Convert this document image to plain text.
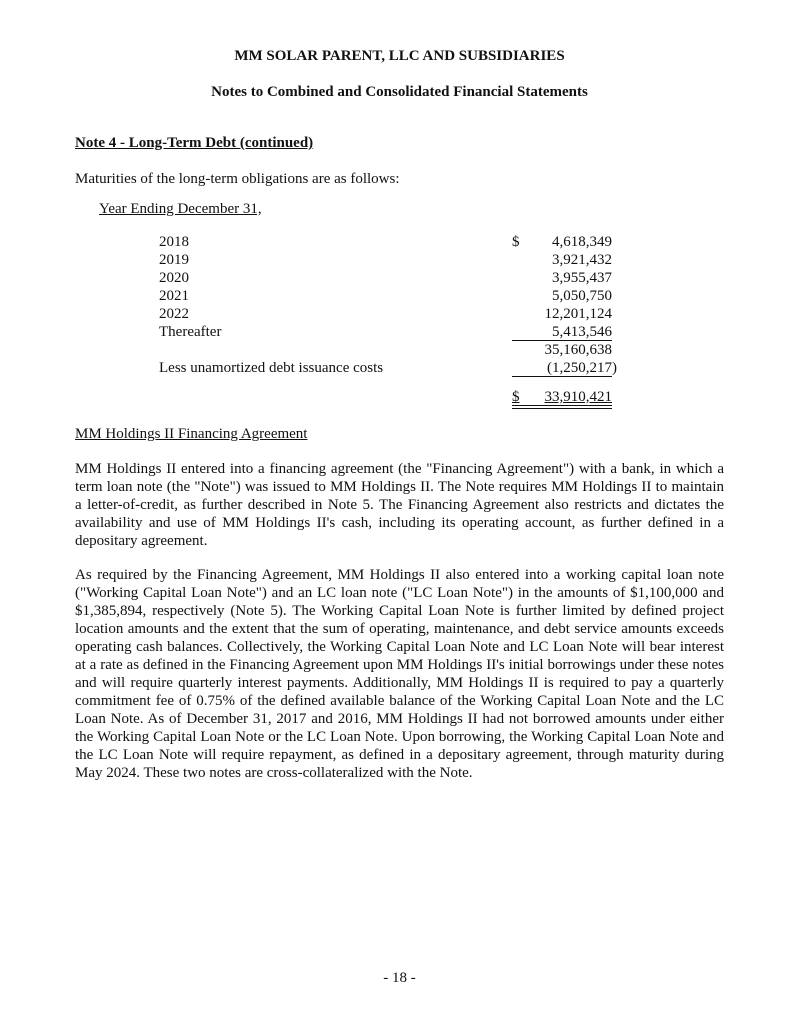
MM SOLAR PARENT, LLC AND SUBSIDIARIES
Notes to Combined and Consolidated Financial Statements
Note 4 - Long-Term Debt (continued)
Maturities of the long-term obligations are as follows:
Year Ending December 31,
2018	$ 4,618,349
2019	3,921,432
2020	3,955,437
2021	5,050,750
2022	12,201,124
Thereafter	5,413,546
35,160,638
Less unamortized debt issuance costs	(1,250,217)
$ 33,910,421
MM Holdings II Financing Agreement
MM Holdings II entered into a financing agreement (the "Financing Agreement") with a bank, in which a term loan note (the "Note") was issued to MM Holdings II. The Note requires MM Holdings II to maintain a letter-of-credit, as further described in Note 5. The Financing Agreement also restricts and dictates the availability and use of MM Holdings II's cash, including its operating account, as further defined in a depositary agreement.
As required by the Financing Agreement, MM Holdings II also entered into a working capital loan note ("Working Capital Loan Note") and an LC loan note ("LC Loan Note") in the amounts of $1,100,000 and $1,385,894, respectively (Note 5). The Working Capital Loan Note is further limited by defined project location amounts and the extent that the sum of operating, maintenance, and debt service amounts exceeds operating cash balances. Collectively, the Working Capital Loan Note and LC Loan Note will bear interest at a rate as defined in the Financing Agreement upon MM Holdings II's initial borrowings under these notes and will require quarterly interest payments. Additionally, MM Holdings II is required to pay a quarterly commitment fee of 0.75% of the defined available balance of the Working Capital Loan Note and the LC Loan Note. As of December 31, 2017 and 2016, MM Holdings II had not borrowed amounts under either the Working Capital Loan Note or the LC Loan Note. Upon borrowing, the Working Capital Loan Note and the LC Loan Note will require repayment, as defined in a depositary agreement, through maturity during May 2024. These two notes are cross-collateralized with the Note.
- 18 -
